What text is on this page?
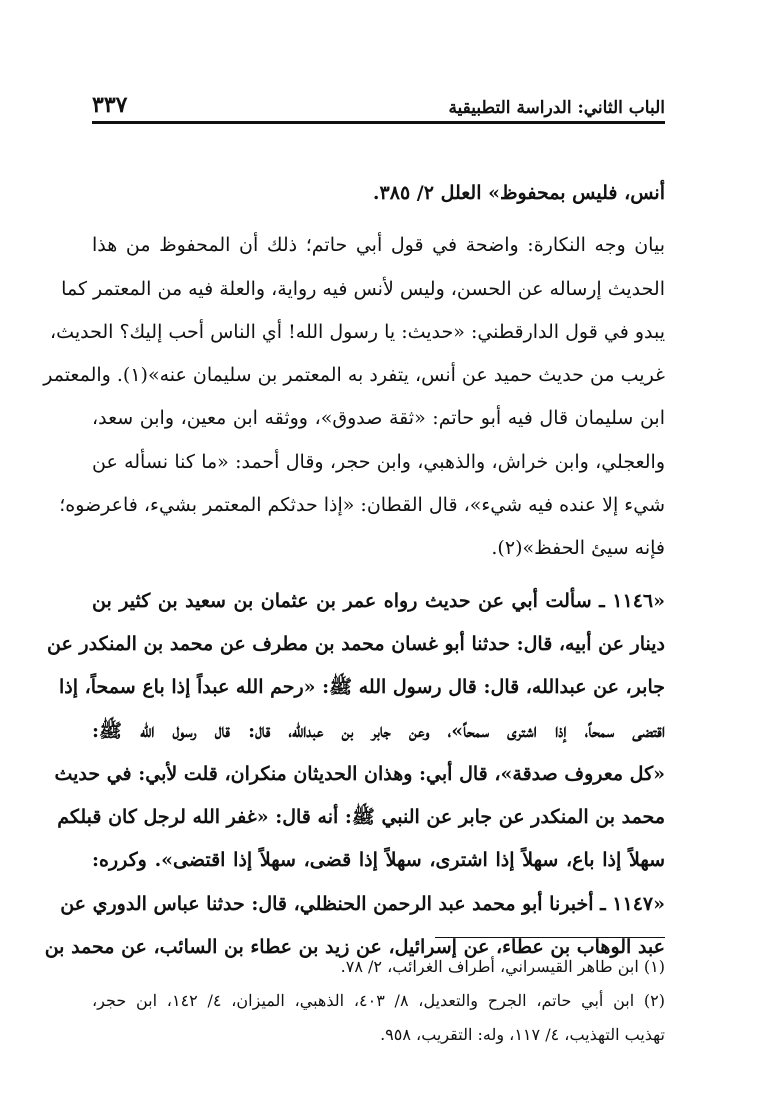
الباب الثاني: الدراسة التطبيقية
٣٣٧
أنس، فليس بمحفوظ» العلل ٢/ ٣٨٥.
بيان وجه النكارة: واضحة في قول أبي حاتم؛ ذلك أن المحفوظ من هذا
الحديث إرساله عن الحسن، وليس لأنس فيه رواية، والعلة فيه من المعتمر كما
يبدو في قول الدارقطني: «حديث: يا رسول الله! أي الناس أحب إليك؟ الحديث،
غريب من حديث حميد عن أنس، يتفرد به المعتمر بن سليمان عنه»(١). والمعتمر
ابن سليمان قال فيه أبو حاتم: «ثقة صدوق»، ووثقه ابن معين، وابن سعد،
والعجلي، وابن خراش، والذهبي، وابن حجر، وقال أحمد: «ما كنا نسأله عن
شيء إلا عنده فيه شيء»، قال القطان: «إذا حدثكم المعتمر بشيء، فاعرضوه؛
فإنه سيئ الحفظ»(٢).
«١١٤٦ ـ سألت أبي عن حديث رواه عمر بن عثمان بن سعيد بن كثير بن
دينار عن أبيه، قال: حدثنا أبو غسان محمد بن مطرف عن محمد بن المنكدر عن
جابر، عن عبدالله، قال: قال رسول الله ﷺ: «رحم الله عبداً إذا باع سمحاً، إذا
اقتضى سمحاً، إذا اشترى سمحاً»، وعن جابر بن عبدالله، قال: قال رسول الله ﷺ:
«كل معروف صدقة»، قال أبي: وهذان الحديثان منكران، قلت لأبي: في حديث
محمد بن المنكدر عن جابر عن النبي ﷺ: أنه قال: «غفر الله لرجل كان قبلكم
سهلاً إذا باع، سهلاً إذا اشترى، سهلاً إذا قضى، سهلاً إذا اقتضى». وكرره:
«١١٤٧ ـ أخبرنا أبو محمد عبد الرحمن الحنظلي، قال: حدثنا عباس الدوري عن
عبد الوهاب بن عطاء، عن إسرائيل، عن زيد بن عطاء بن السائب، عن محمد بن
(١) ابن طاهر القيسراني، أطراف الغرائب، ٢/ ٧٨.
(٢) ابن أبي حاتم، الجرح والتعديل، ٨/ ٤٠٣، الذهبي، الميزان، ٤/ ١٤٢، ابن حجر،
تهذيب التهذيب، ٤/ ١١٧، وله: التقريب، ٩٥٨.
